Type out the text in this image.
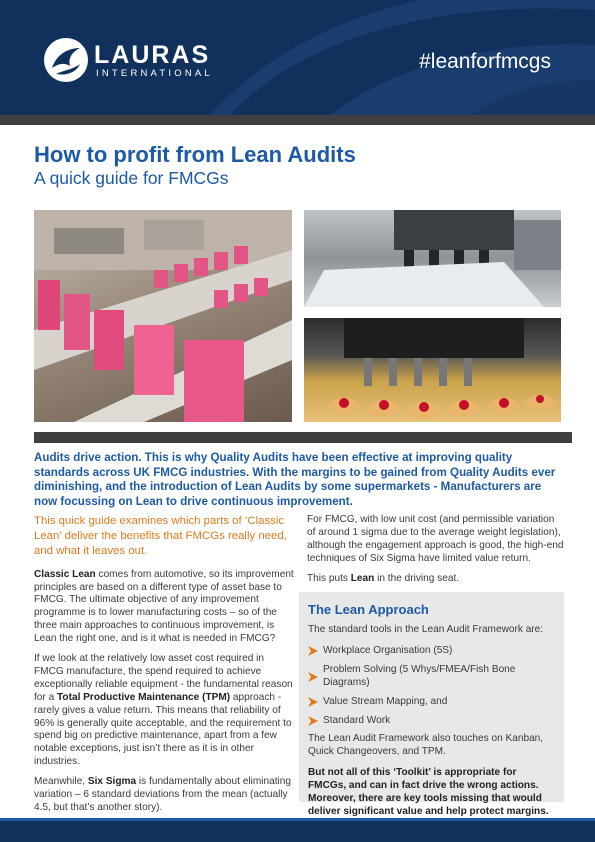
LAURAS
INTERNATIONAL	#leanforfmcgs
How to profit from Lean Audits
A quick guide for FMCGs
Audits drive action. This is why Quality Audits have been effective at improving quality standards across UK FMCG industries. With the margins to be gained from Quality Audits ever diminishing, and the introduction of Lean Audits by some supermarkets - Manufacturers are now focussing on Lean to drive continuous improvement.
This quick guide examines which parts of ‘Classic Lean’ deliver the benefits that FMCGs really need, and what it leaves out.

Classic Lean comes from automotive, so its improvement principles are based on a different type of asset base to FMCG. The ultimate objective of any improvement programme is to lower manufacturing costs – so of the three main approaches to continuous improvement, is Lean the right one, and is it what is needed in FMCG?

If we look at the relatively low asset cost required in FMCG manufacture, the spend required to achieve exceptionally reliable equipment - the fundamental reason for a Total Productive Maintenance (TPM) approach - rarely gives a value return. This means that reliability of 96% is generally quite acceptable, and the requirement to spend big on predictive maintenance, apart from a few notable exceptions, just isn’t there as it is in other industries.

Meanwhile, Six Sigma is fundamentally about eliminating variation – 6 standard deviations from the mean (actually 4.5, but that’s another story).

For FMCG, with low unit cost (and permissible variation of around 1 sigma due to the average weight legislation), although the engagement approach is good, the high-end techniques of Six Sigma have limited value return.

This puts Lean in the driving seat.

The Lean Approach
The standard tools in the Lean Audit Framework are:
Workplace Organisation (5S)
Problem Solving (5 Whys/FMEA/Fish Bone Diagrams)
Value Stream Mapping, and
Standard Work
The Lean Audit Framework also touches on Kanban, Quick Changeovers, and TPM.
But not all of this ‘Toolkit’ is appropriate for FMCGs, and can in fact drive the wrong actions. Moreover, there are key tools missing that would deliver significant value and help protect margins.
